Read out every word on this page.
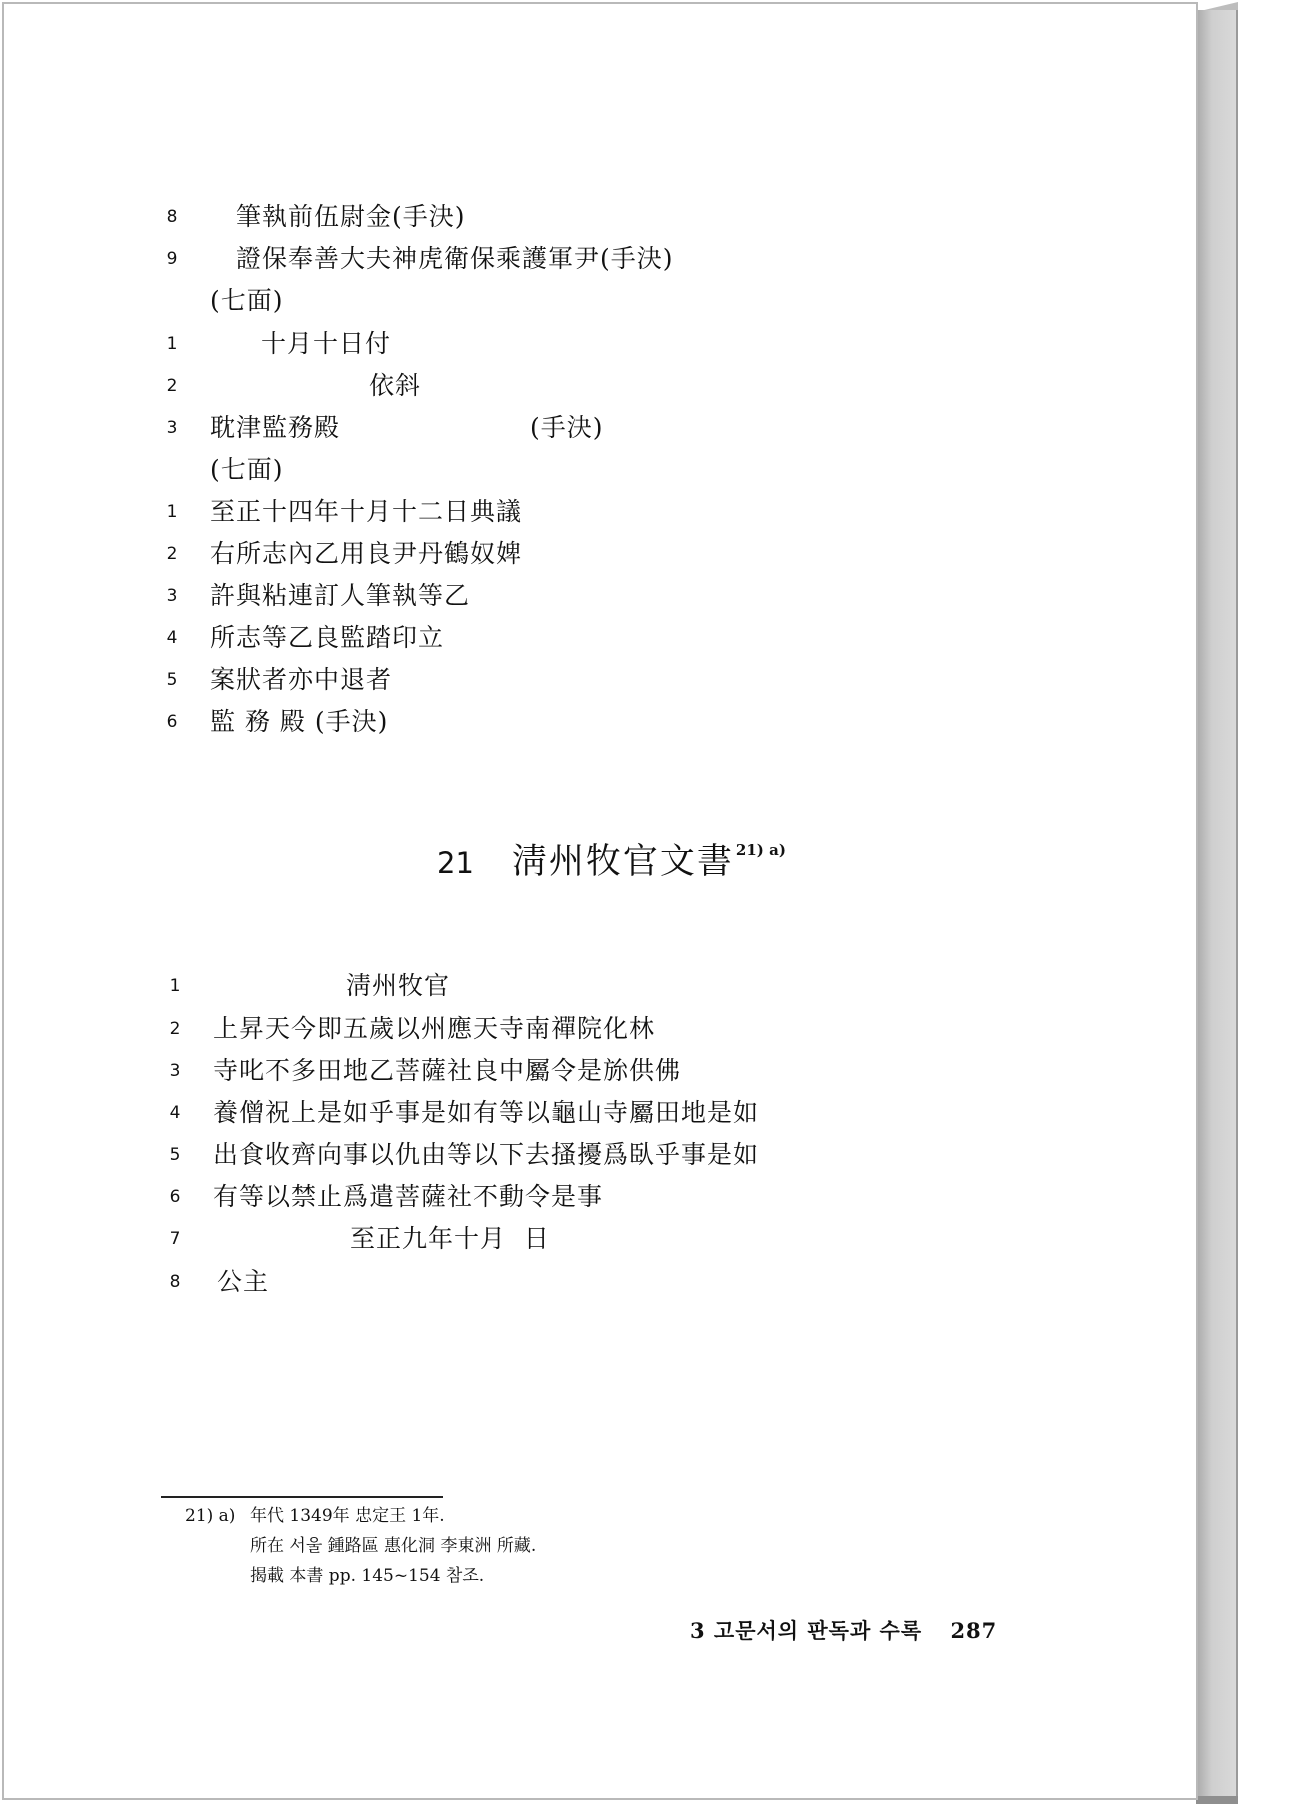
8 筆執前伍尉金(手決)
9 證保奉善大夫神虎衛保乘護軍尹(手決)
(七面)
1	十月十日付
2	依斜
3 耽津監務殿	(手決)
(七面)
1 至正十四年十月十二日典議
2 右所志內乙用良尹丹鶴奴婢
3 許與粘連訂人筆執等乙
4 所志等乙良監踏印立
5 案狀者亦中退者
6 監 務 殿 (手決)
21 淸州牧官文書 $^{21) a)}$
1	淸州牧官
2 上昇天今即五歲以州應天寺南禪院化林
3 寺叱不多田地乙菩薩社良中屬令是旀供佛
4 養僧祝上是如乎事是如有等以龜山寺屬田地是如
5 出食收齊向事以仇由等以下去搔擾爲臥乎事是如
6 有等以禁止爲遣菩薩社不動令是事
7	至正九年十月  日
8 公主
21) a) 年代 1349年 忠定王 1年.
所在 서울 鍾路區 惠化洞 李東洲 所藏.
揭載 本書 pp. 145~154 참조.
3 고문서의 판독과 수록 287
